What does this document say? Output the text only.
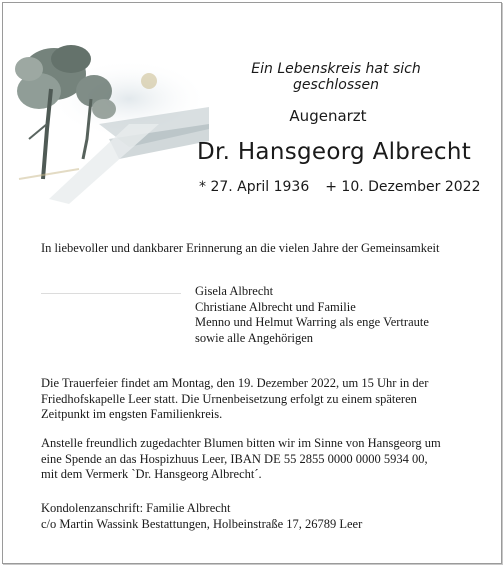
Ein Lebenskreis hat sich geschlossen
Augenarzt
Dr. Hansgeorg Albrecht
* 27. April 1936 + 10. Dezember 2022
In liebevoller und dankbarer Erinnerung an die vielen Jahre der Gemeinsamkeit
Gisela Albrecht
Christiane Albrecht und Familie
Menno und Helmut Warring als enge Vertraute
sowie alle Angehörigen
Die Trauerfeier findet am Montag, den 19. Dezember 2022, um 15 Uhr in der
Friedhofskapelle Leer statt. Die Urnenbeisetzung erfolgt zu einem späteren
Zeitpunkt im engsten Familienkreis.
Anstelle freundlich zugedachter Blumen bitten wir im Sinne von Hansgeorg um
eine Spende an das Hospizhuus Leer, IBAN DE 55 2855 0000 0000 5934 00,
mit dem Vermerk `Dr. Hansgeorg Albrecht´.
Kondolenzanschrift: Familie Albrecht
c/o Martin Wassink Bestattungen, Holbeinstraße 17, 26789 Leer
